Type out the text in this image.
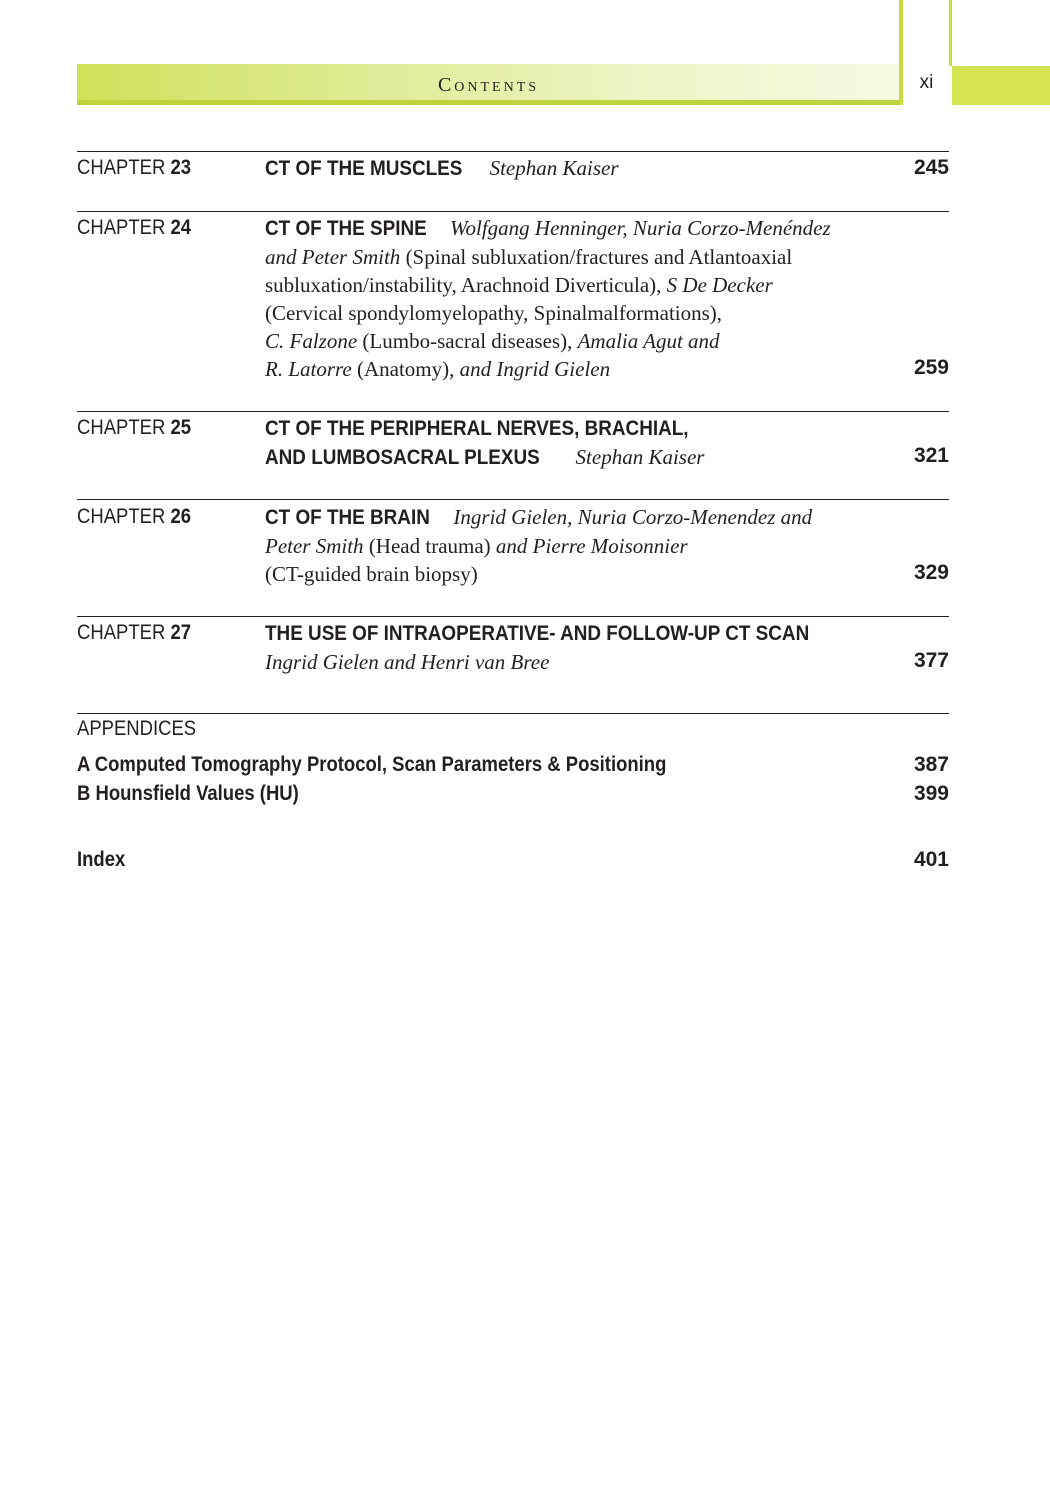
Contents	xi
CHAPTER 23	CT OF THE MUSCLES Stephan Kaiser	245
CHAPTER 24	CT OF THE SPINE Wolfgang Henninger, Nuria Corzo-Menéndez
and Peter Smith (Spinal subluxation/fractures and Atlantoaxial
subluxation/instability, Arachnoid Diverticula), S De Decker
(Cervical spondylomyelopathy, Spinalmalformations),
C. Falzone (Lumbo-sacral diseases), Amalia Agut and
R. Latorre (Anatomy), and Ingrid Gielen	259
CHAPTER 25	CT OF THE PERIPHERAL NERVES, BRACHIAL,
AND LUMBOSACRAL PLEXUS Stephan Kaiser	321
CHAPTER 26	CT OF THE BRAIN Ingrid Gielen, Nuria Corzo-Menendez and
Peter Smith (Head trauma) and Pierre Moisonnier
(CT-guided brain biopsy)	329
CHAPTER 27	THE USE OF INTRAOPERATIVE- AND FOLLOW-UP CT SCAN
Ingrid Gielen and Henri van Bree	377
APPENDICES
A Computed Tomography Protocol, Scan Parameters & Positioning	387
B Hounsfield Values (HU)	399
Index	401
